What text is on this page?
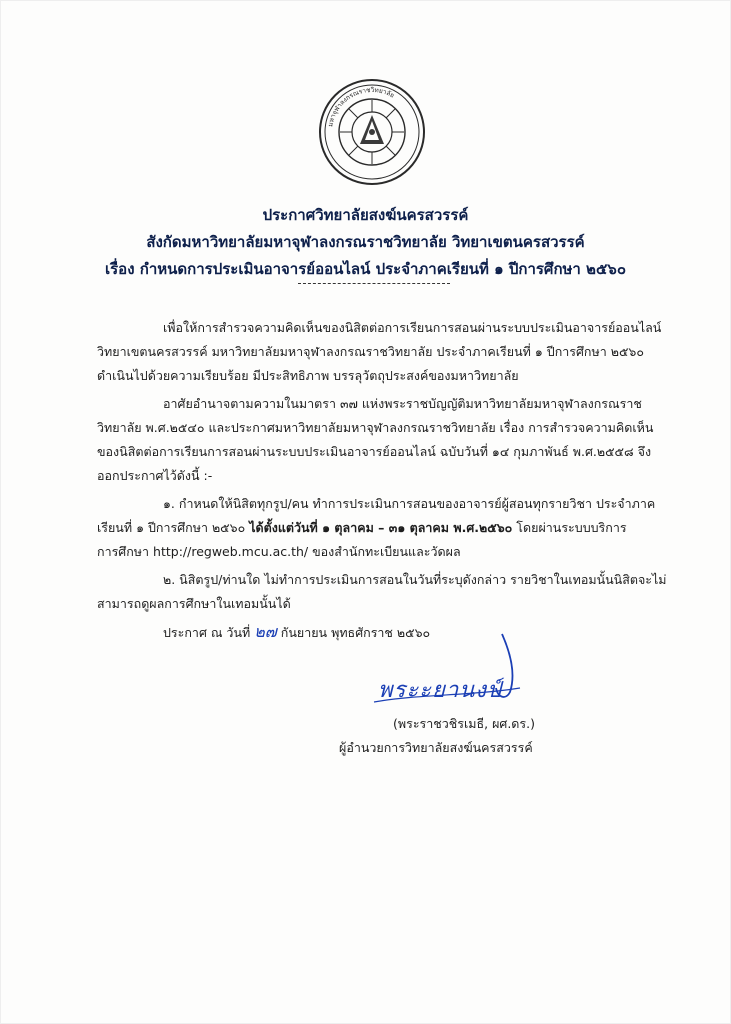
มหาจุฬาลงกรณราชวิทยาลัย
ประกาศวิทยาลัยสงฆ์นครสวรรค์
สังกัดมหาวิทยาลัยมหาจุฬาลงกรณราชวิทยาลัย วิทยาเขตนครสวรรค์
เรื่อง กำหนดการประเมินอาจารย์ออนไลน์ ประจำภาคเรียนที่ ๑ ปีการศึกษา ๒๕๖๐
เพื่อให้การสำรวจความคิดเห็นของนิสิตต่อการเรียนการสอนผ่านระบบประเมินอาจารย์ออนไลน์
วิทยาเขตนครสวรรค์ มหาวิทยาลัยมหาจุฬาลงกรณราชวิทยาลัย ประจำภาคเรียนที่ ๑ ปีการศึกษา ๒๕๖๐
ดำเนินไปด้วยความเรียบร้อย มีประสิทธิภาพ บรรลุวัตถุประสงค์ของมหาวิทยาลัย
อาศัยอำนาจตามความในมาตรา ๓๗ แห่งพระราชบัญญัติมหาวิทยาลัยมหาจุฬาลงกรณราช
วิทยาลัย พ.ศ.๒๕๔๐ และประกาศมหาวิทยาลัยมหาจุฬาลงกรณราชวิทยาลัย เรื่อง การสำรวจความคิดเห็น
ของนิสิตต่อการเรียนการสอนผ่านระบบประเมินอาจารย์ออนไลน์ ฉบับวันที่ ๑๔ กุมภาพันธ์ พ.ศ.๒๕๕๘ จึง
ออกประกาศไว้ดังนี้ :-
๑. กำหนดให้นิสิตทุกรูป/คน ทำการประเมินการสอนของอาจารย์ผู้สอนทุกรายวิชา ประจำภาค
เรียนที่ ๑ ปีการศึกษา ๒๕๖๐ ได้ตั้งแต่วันที่ ๑ ตุลาคม – ๓๑ ตุลาคม พ.ศ.๒๕๖๐ โดยผ่านระบบบริการ
การศึกษา http://regweb.mcu.ac.th/ ของสำนักทะเบียนและวัดผล
๒. นิสิตรูป/ท่านใด ไม่ทำการประเมินการสอนในวันที่ระบุดังกล่าว รายวิชาในเทอมนั้นนิสิตจะไม่
สามารถดูผลการศึกษาในเทอมนั้นได้
ประกาศ ณ วันที่ ๒๗ กันยายน พุทธศักราช ๒๕๖๐
พระะยานงป์
(พระราชวชิรเมธี, ผศ.ดร.)
ผู้อำนวยการวิทยาลัยสงฆ์นครสวรรค์
